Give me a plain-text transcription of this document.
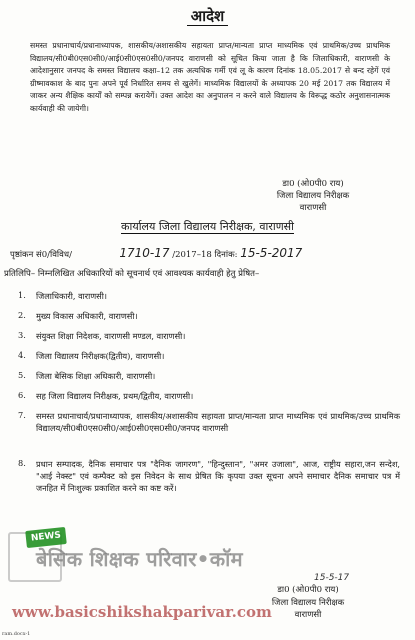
आदेश
समस्त प्रधानाचार्य/प्रधानाध्यापक, शासकीय/अशासकीय सहायता प्राप्त/मान्यता प्राप्त माध्यमिक एवं प्राथमिक/उच्च प्राथमिक विद्यालय/सी0बी0एस0सी0/आई0सी0एस0सी0/जनपद वाराणसी को सूचित किया जाता है कि जिलाधिकारी, वाराणसी के आदेशानुसार जनपद के समस्त विद्यालय कक्षा–12 तक अत्यधिक गर्मी एवं लू के कारण दिनांक 18.05.2017 से बन्द रहेगें एवं ग्रीष्मावकाश के बाद पुनः अपने पूर्व निर्धारित समय से खुलेगें। माध्यमिक विद्यालयों के अध्यापक 20 मई 2017 तक विद्यालय में जाकर अन्य शैक्षिक कार्यों को सम्पन्न करायेगें। उक्त आदेश का अनुपालन न करने वाले विद्यालय के विरूद्ध कठोर अनुशासनात्मक कार्यवाही की जायेगी।
डा0 (ओ0पी0 राय)
जिला विद्यालय निरीक्षक
वाराणसी
कार्यालय जिला विद्यालय निरीक्षक, वाराणसी
पृष्ठांकन सं0/विविध/	1710-17 /2017–18 दिनांक: 15-5-2017
प्रतिलिपि– निम्नलिखित अधिकारियों को सूचनार्थ एवं आवश्यक कार्यवाही हेतु प्रेषित–
1.	जिलाधिकारी, वाराणसी।
2.	मुख्य विकास अधिकारी, वाराणसी।
3.	संयुक्त शिक्षा निदेशक, वाराणसी मण्डल, वाराणसी।
4.	जिला विद्यालय निरीक्षक(द्वितीय), वाराणसी।
5.	जिला बेसिक शिक्षा अधिकारी, वाराणसी।
6.	सह जिला विद्यालय निरीक्षक, प्रथम/द्वितीय, वाराणसी।
7.	समस्त प्रधानाचार्य/प्रधानाध्यापक, शासकीय/अशासकीय सहायता प्राप्त/मान्यता प्राप्त माध्यमिक एवं प्राथमिक/उच्च प्राथमिक विद्यालय/सी0बी0एस0सी0/आई0सी0एस0सी0/जनपद वाराणसी
8.	प्रधान सम्पादक, दैनिक समाचार पत्र "दैनिक जागरण", "हिन्दुस्तान", "अमर उजाला", आज, राष्ट्रीय सहारा,जन सन्देश, "आई नेक्स्ट" एवं कम्पैक्ट को इस निवेदन के साथ प्रेषित कि कृपया उक्त सूचना अपने समाचार दैनिक समाचार पत्र में जनहित में निःशुल्क प्रकाशित करने का कष्ट करें।
NEWS
बेसिक शिक्षक परिवार•कॉम
www.basicshikshakparivar.com
15-5-17
डा0 (ओ0पी0 राय)
जिला विद्यालय निरीक्षक
वाराणसी
ram.docx-1
